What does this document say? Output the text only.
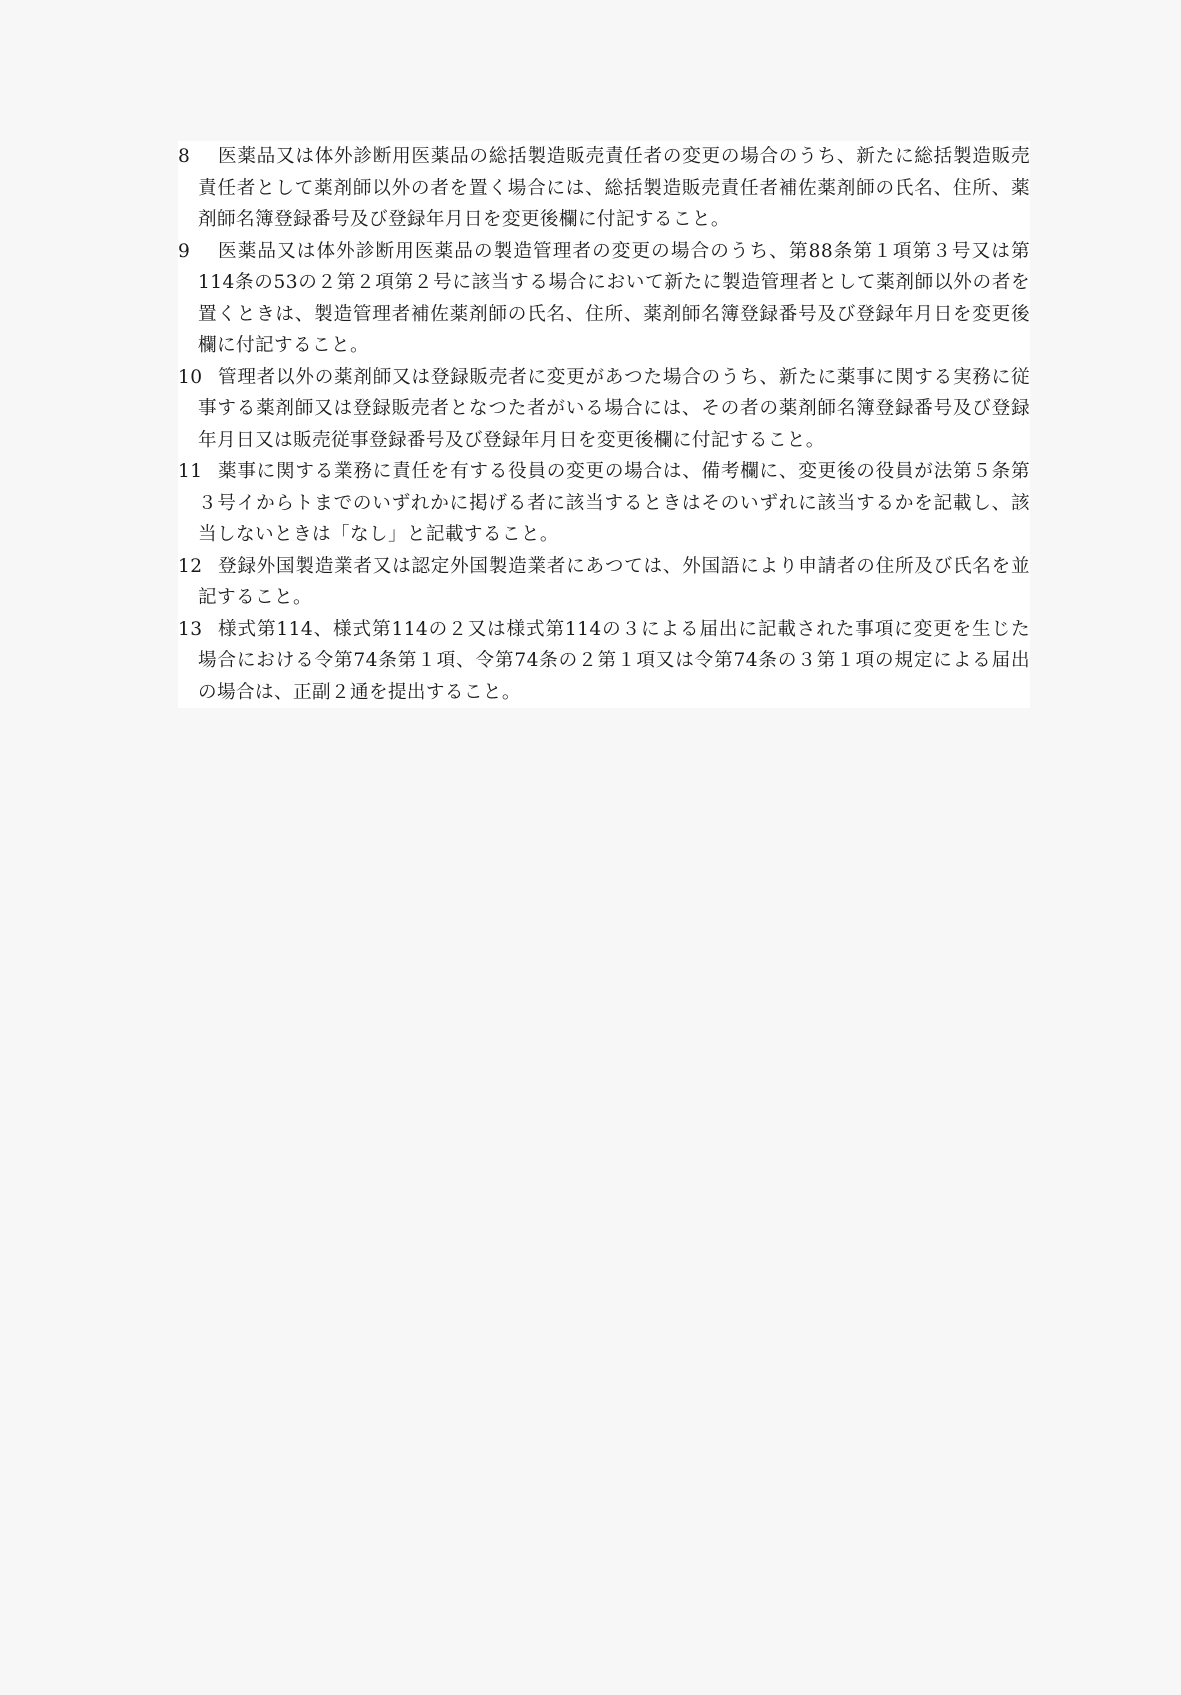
8	医薬品又は体外診断用医薬品の総括製造販売責任者の変更の場合のうち、新たに総括製造販売責任者として薬剤師以外の者を置く場合には、総括製造販売責任者補佐薬剤師の氏名、住所、薬剤師名簿登録番号及び登録年月日を変更後欄に付記すること。
9	医薬品又は体外診断用医薬品の製造管理者の変更の場合のうち、第88条第１項第３号又は第114条の53の２第２項第２号に該当する場合において新たに製造管理者として薬剤師以外の者を置くときは、製造管理者補佐薬剤師の氏名、住所、薬剤師名簿登録番号及び登録年月日を変更後欄に付記すること。
10 管理者以外の薬剤師又は登録販売者に変更があつた場合のうち、新たに薬事に関する実務に従事する薬剤師又は登録販売者となつた者がいる場合には、その者の薬剤師名簿登録番号及び登録年月日又は販売従事登録番号及び登録年月日を変更後欄に付記すること。
11 薬事に関する業務に責任を有する役員の変更の場合は、備考欄に、変更後の役員が法第５条第３号イからトまでのいずれかに掲げる者に該当するときはそのいずれに該当するかを記載し、該当しないときは「なし」と記載すること。
12 登録外国製造業者又は認定外国製造業者にあつては、外国語により申請者の住所及び氏名を並記すること。
13 様式第114、様式第114の２又は様式第114の３による届出に記載された事項に変更を生じた場合における令第74条第１項、令第74条の２第１項又は令第74条の３第１項の規定による届出の場合は、正副２通を提出すること。
